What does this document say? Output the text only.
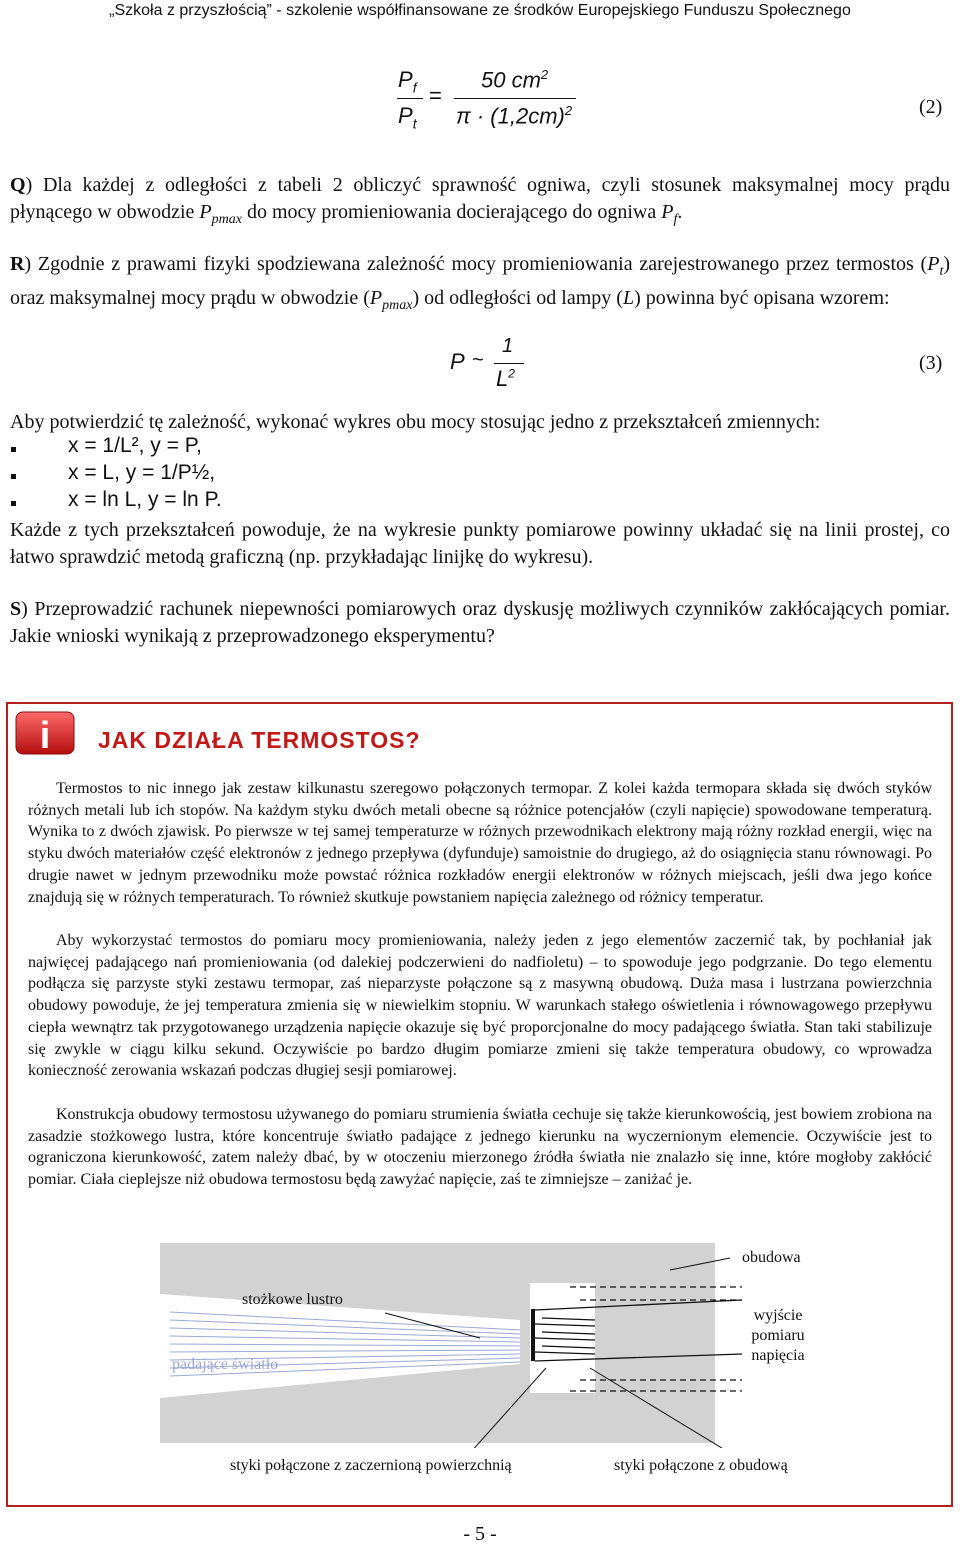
„Szkoła z przyszłością” - szkolenie współfinansowane ze środków Europejskiego Funduszu Społecznego
$P_f$
$P_t$
=
50 $cm^2$
$\pi \cdot (1,2cm)^2$	(2)
Q) Dla każdej z odległości z tabeli 2 obliczyć sprawność ogniwa, czyli stosunek maksymalnej mocy prądu płynącego w obwodzie $P_{pmax}$ do mocy promieniowania docierającego do ogniwa $P_f$.
R) Zgodnie z prawami fizyki spodziewana zależność mocy promieniowania zarejestrowanego przez termostos $(P_t)$ oraz maksymalnej mocy prądu w obwodzie $(P_{pmax})$ od odległości od lampy (L) powinna być opisana wzorem:
P ~
1
$L^2$	(3)
Aby potwierdzić tę zależność, wykonać wykres obu mocy stosując jedno z przekształceń zmiennych:
x = 1/L², y = P,
x = L, y = 1/P½,
x = ln L, y = ln P.
Każde z tych przekształceń powoduje, że na wykresie punkty pomiarowe powinny układać się na linii prostej, co łatwo sprawdzić metodą graficzną (np. przykładając linijkę do wykresu).
S) Przeprowadzić rachunek niepewności pomiarowych oraz dyskusję możliwych czynników zakłócających pomiar. Jakie wnioski wynikają z przeprowadzonego eksperymentu?
i JAK DZIAŁA TERMOSTOS?
Termostos to nic innego jak zestaw kilkunastu szeregowo połączonych termopar. Z kolei każda termopara składa się dwóch styków różnych metali lub ich stopów. Na każdym styku dwóch metali obecne są różnice potencjałów (czyli napięcie) spowodowane temperaturą. Wynika to z dwóch zjawisk. Po pierwsze w tej samej temperaturze w różnych przewodnikach elektrony mają różny rozkład energii, więc na styku dwóch materiałów część elektronów z jednego przepływa (dyfunduje) samoistnie do drugiego, aż do osiągnięcia stanu równowagi. Po drugie nawet w jednym przewodniku może powstać różnica rozkładów energii elektronów w różnych miejscach, jeśli dwa jego końce znajdują się w różnych temperaturach. To również skutkuje powstaniem napięcia zależnego od różnicy temperatur.
Aby wykorzystać termostos do pomiaru mocy promieniowania, należy jeden z jego elementów zaczernić tak, by pochłaniał jak najwięcej padającego nań promieniowania (od dalekiej podczerwieni do nadfioletu) – to spowoduje jego podgrzanie. Do tego elementu podłącza się parzyste styki zestawu termopar, zaś nieparzyste połączone są z masywną obudową. Duża masa i lustrzana powierzchnia obudowy powoduje, że jej temperatura zmienia się w niewielkim stopniu. W warunkach stałego oświetlenia i równowagowego przepływu ciepła wewnątrz tak przygotowanego urządzenia napięcie okazuje się być proporcjonalne do mocy padającego światła. Stan taki stabilizuje się zwykle w ciągu kilku sekund. Oczywiście po bardzo długim pomiarze zmieni się także temperatura obudowy, co wprowadza konieczność zerowania wskazań podczas długiej sesji pomiarowej.
Konstrukcja obudowy termostosu używanego do pomiaru strumienia światła cechuje się także kierunkowością, jest bowiem zrobiona na zasadzie stożkowego lustra, które koncentruje światło padające z jednego kierunku na wyczernionym elemencie. Oczywiście jest to ograniczona kierunkowość, zatem należy dbać, by w otoczeniu mierzonego źródła światła nie znalazło się inne, które mogłoby zakłócić pomiar. Ciała cieplejsze niż obudowa termostosu będą zawyżać napięcie, zaś te zimniejsze – zaniżać je.
obudowa
stożkowe lustro
wyjście pomiaru napięcia
padające światło
styki połączone z zaczernioną powierzchnią	styki połączone z obudową
- 5 -
